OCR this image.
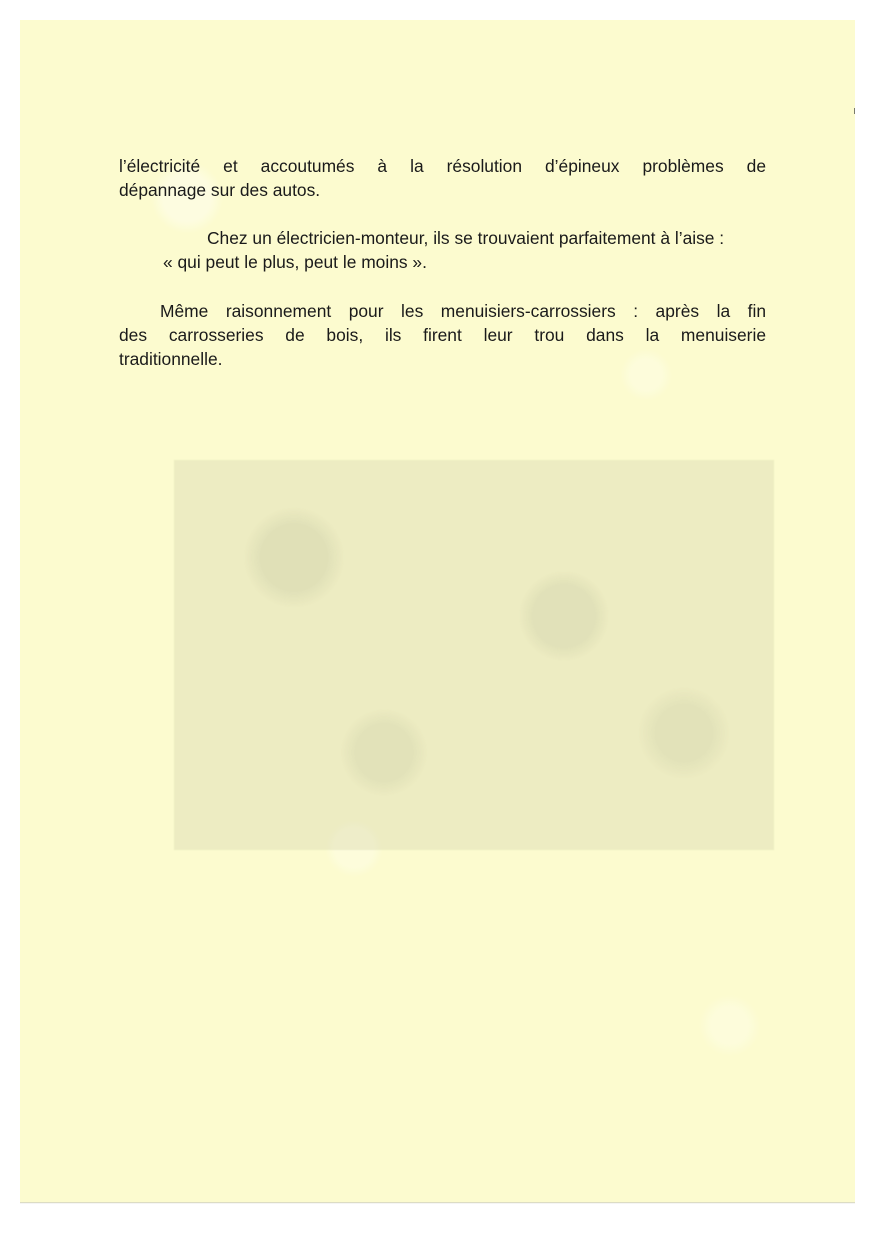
l’électricité et accoutumés à la résolution d’épineux problèmes de
dépannage sur des autos.

Chez un électricien-monteur, ils se trouvaient parfaitement à l’aise :
« qui peut le plus, peut le moins ».

Même raisonnement pour les menuisiers-carrossiers : après la fin
des carrosseries de bois, ils firent leur trou dans la menuiserie
traditionnelle.
